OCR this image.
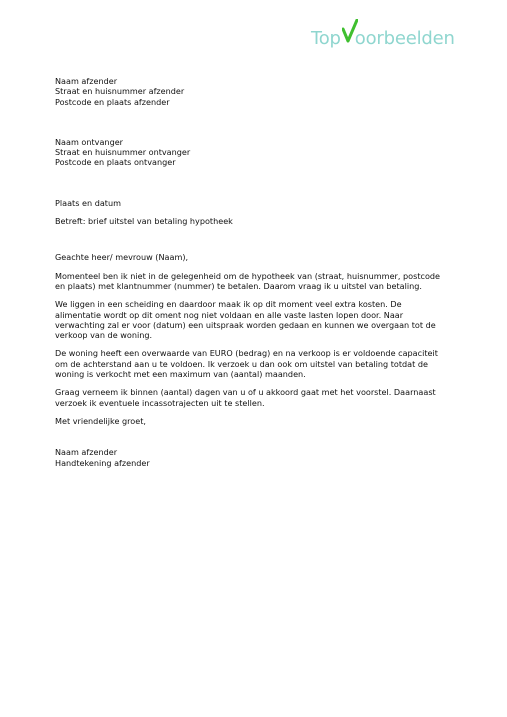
Top oorbeelden

Naam afzender

Straat en huisnummer afzender

Postcode en plaats afzender

Naam ontvanger

Straat en huisnummer ontvanger

Postcode en plaats ontvanger

Plaats en datum

Betreft: brief uitstel van betaling hypotheek

Geachte heer/ mevrouw (Naam),

Momenteel ben ik niet in de gelegenheid om de hypotheek van (straat, huisnummer, postcode en plaats) met klantnummer (nummer) te betalen. Daarom vraag ik u uitstel van betaling.

We liggen in een scheiding en daardoor maak ik op dit moment veel extra kosten. De alimentatie wordt op dit oment nog niet voldaan en alle vaste lasten lopen door. Naar verwachting zal er voor (datum) een uitspraak worden gedaan en kunnen we overgaan tot de verkoop van de woning.

De woning heeft een overwaarde van EURO (bedrag) en na verkoop is er voldoende capaciteit om de achterstand aan u te voldoen. Ik verzoek u dan ook om uitstel van betaling totdat de woning is verkocht met een maximum van (aantal) maanden.

Graag verneem ik binnen (aantal) dagen van u of u akkoord gaat met het voorstel. Daarnaast verzoek ik eventuele incassotrajecten uit te stellen.

Met vriendelijke groet,

Naam afzender

Handtekening afzender
